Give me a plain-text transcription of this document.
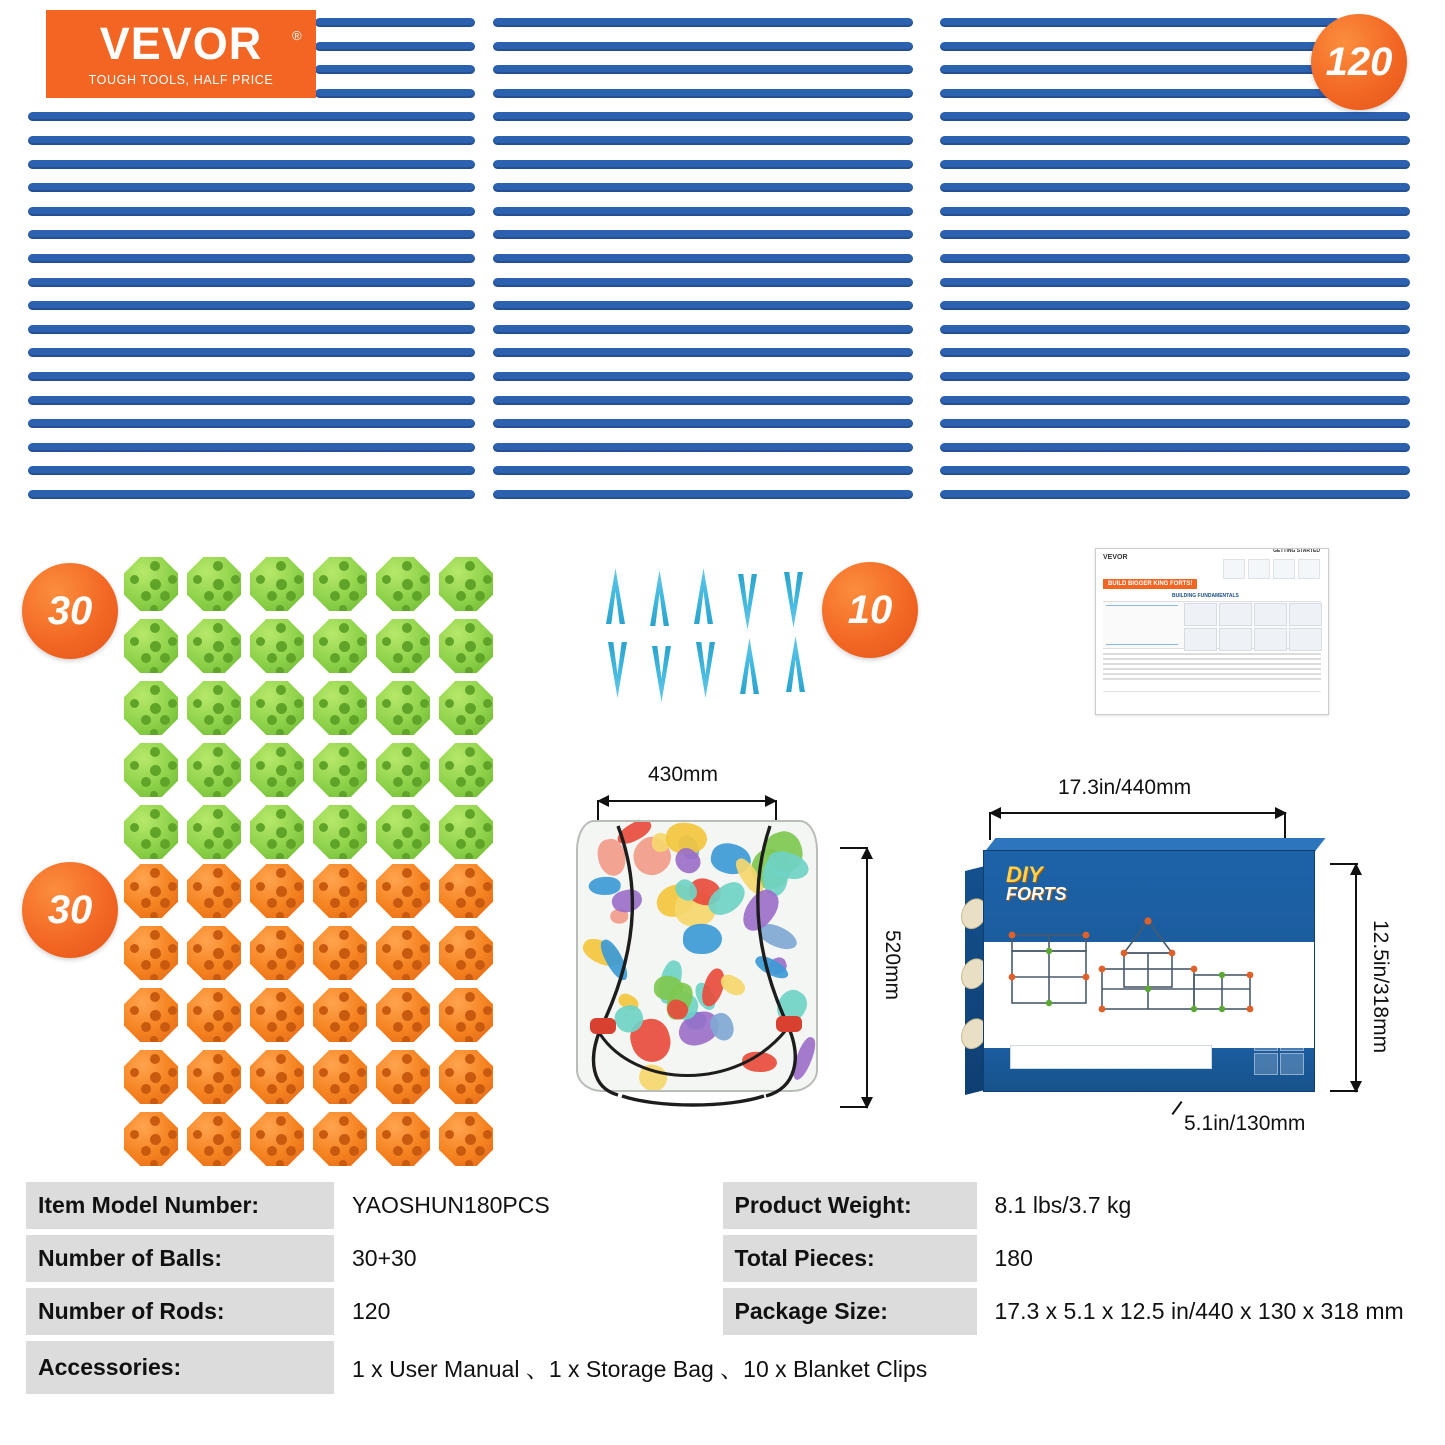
VEVOR
TOUGH TOOLS, HALF PRICE
®
120
30
30
10
VEVOR
BUILD BIGGER KING FORTS!
BUILDING FUNDAMENTALS
GETTING STARTED
430mm
520mm
17.3in/440mm
12.5in/318mm
5.1in/130mm
DIY
FORTS
Item Model Number:	YAOSHUN180PCS	Product Weight:	8.1 lbs/3.7 kg
Number of Balls:	30+30	Total Pieces:	180
Number of Rods:	120	Package Size:	17.3 x 5.1 x 12.5 in/440 x 130 x 318 mm
Accessories:	1 x User Manual 、1 x Storage Bag 、10 x Blanket Clips
